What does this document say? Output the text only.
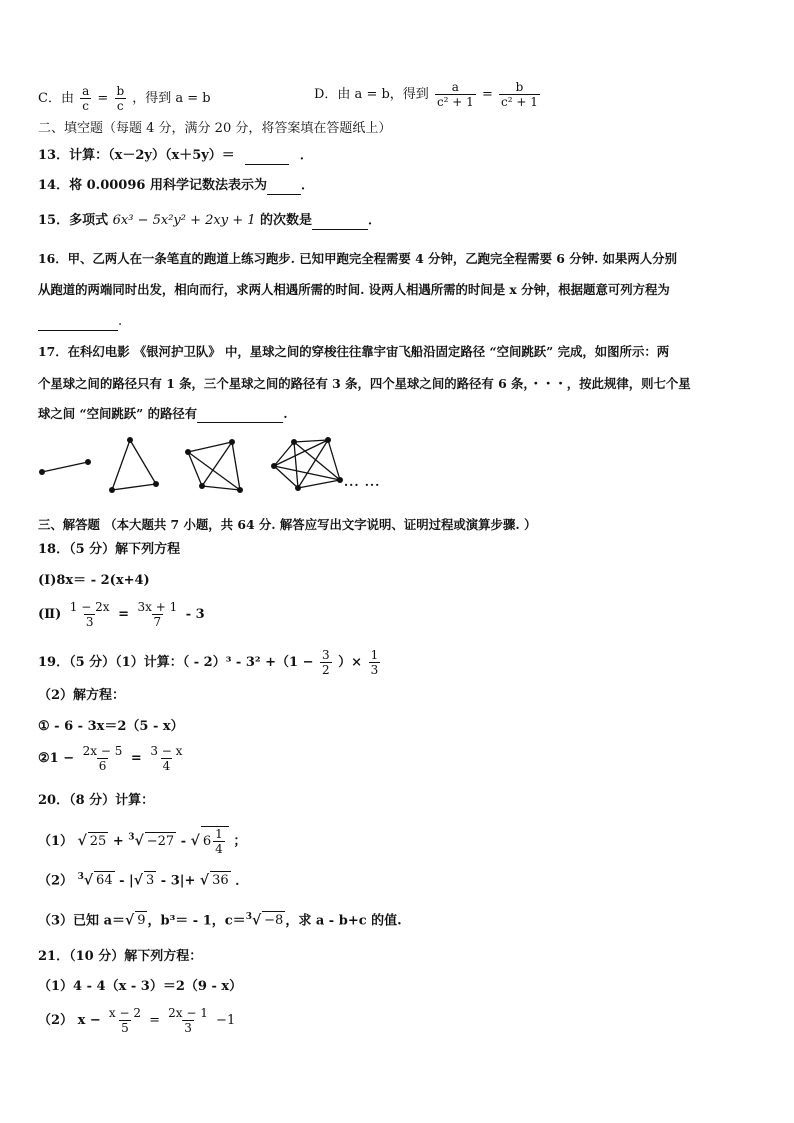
C．由 $\frac{a}{c} = \frac{b}{c}$ ，得到 a = b	D．由 a = b，得到 $\frac{a}{\text{c² + 1}} = \frac{b}{\text{c² + 1}}$
二、填空题（每题 4 分，满分 20 分，将答案填在答题纸上）
13．计算：（x－2y）（x＋5y）＝	．
14．将 0.00096 用科学记数法表示为	．
15．多项式 6x³ − 5x²y² + 2xy + 1 的次数是	．
16．甲、乙两人在一条笔直的跑道上练习跑步. 已知甲跑完全程需要 4 分钟，乙跑完全程需要 6 分钟. 如果两人分别
从跑道的两端同时出发，相向而行，求两人相遇所需的时间. 设两人相遇所需的时间是 x 分钟，根据题意可列方程为
.
17．在科幻电影 《银河护卫队》 中，星球之间的穿梭往往靠宇宙飞船沿固定路径 “空间跳跃” 完成，如图所示：两
个星球之间的路径只有 1 条，三个星球之间的路径有 3 条，四个星球之间的路径有 6 条，・・・，按此规律，则七个星
球之间 “空间跳跃” 的路径有	.
··· ···
三、解答题 （本大题共 7 小题，共 64 分. 解答应写出文字说明、证明过程或演算步骤. ）
18．（5 分）解下列方程
(Ⅰ)8x＝ - 2(x+4)
(Ⅱ) $\frac{1 - 2x}{3} = \frac{3x + 1}{7} - 3$
19．（5 分）（1）计算：（ - $2)^3 - 3^2 +(1 - \frac{3}{2}$ ）× $\frac{1}{3}$
（2）解方程：
① - 6 - 3x＝2（5 - x）
②1 − $\frac{2x - 5}{6} = \frac{3 - x}{4}$
20．（8 分）计算：
（1） √ 25 + $^3$√ −27 - √ $6 \frac{1}{4}$ ；
（2） $^3$√ 64 - |√ 3 - 3|+ √ 36 ．
（3）已知 a＝√ 9 ，b³＝ - 1，c＝$^3$√ −8 ，求 a - b+c 的值.
21．（10 分）解下列方程：
（1）4 - 4（x - 3）＝2（9 - x）
（2） $x - \frac{x - 2}{5} = \frac{2x - 1}{3} -1$
